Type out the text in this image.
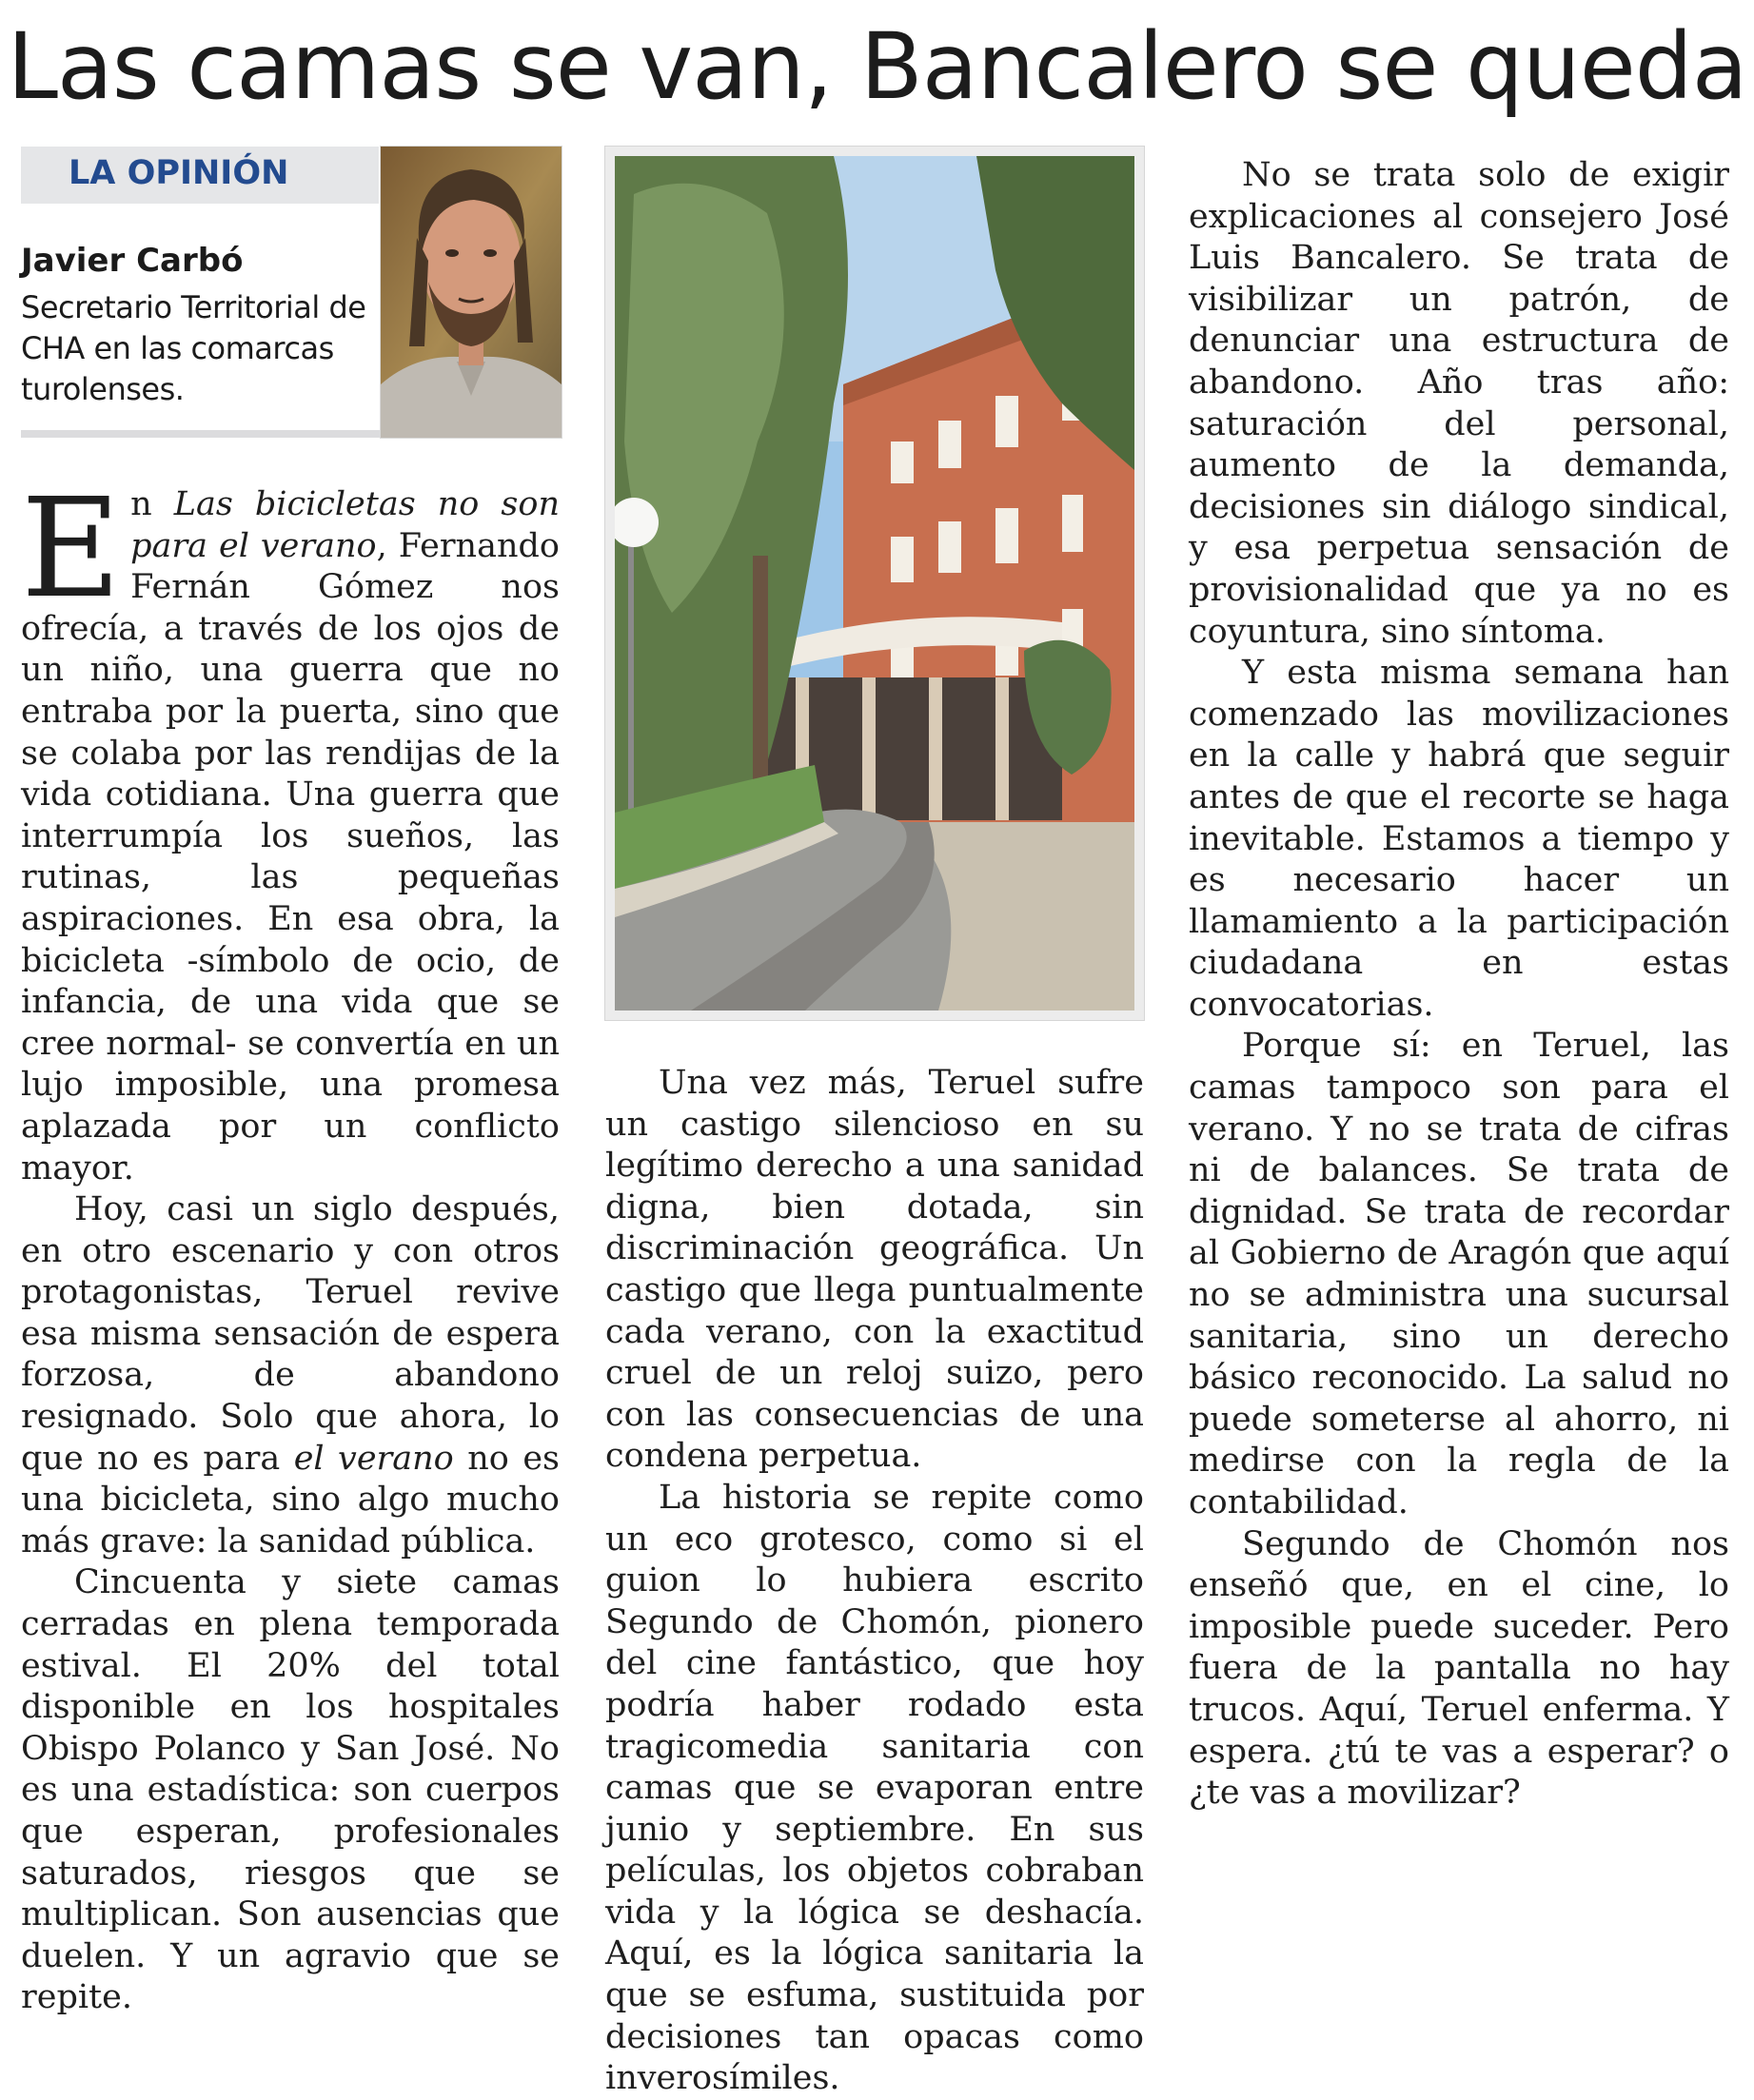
Las camas se van, Bancalero se queda
LA OPINIÓN
Javier Carbó
Secretario Territorial de CHA en las comarcas turolenses.

En Las bicicletas no son para el verano, Fernando Fernán Gómez nos ofrecía, a través de los ojos de un niño, una guerra que no entraba por la puerta, sino que se colaba por las rendijas de la vida cotidiana. Una guerra que interrumpía los sueños, las rutinas, las pequeñas aspiraciones. En esa obra, la bicicleta -símbolo de ocio, de infancia, de una vida que se cree normal- se convertía en un lujo imposible, una promesa aplazada por un conflicto mayor.

Hoy, casi un siglo después, en otro escenario y con otros protagonistas, Teruel revive esa misma sensación de espera forzosa, de abandono resignado. Solo que ahora, lo que no es para el verano no es una bicicleta, sino algo mucho más grave: la sanidad pública.

Cincuenta y siete camas cerradas en plena temporada estival. El 20% del total disponible en los hospitales Obispo Polanco y San José. No es una estadística: son cuerpos que esperan, profesionales saturados, riesgos que se multiplican. Son ausencias que duelen. Y un agravio que se repite.

Una vez más, Teruel sufre un castigo silencioso en su legítimo derecho a una sanidad digna, bien dotada, sin discriminación geográfica. Un castigo que llega puntualmente cada verano, con la exactitud cruel de un reloj suizo, pero con las consecuencias de una condena perpetua.

La historia se repite como un eco grotesco, como si el guion lo hubiera escrito Segundo de Chomón, pionero del cine fantástico, que hoy podría haber rodado esta tragicomedia sanitaria con camas que se evaporan entre junio y septiembre. En sus películas, los objetos cobraban vida y la lógica se deshacía. Aquí, es la lógica sanitaria la que se esfuma, sustituida por decisiones tan opacas como inverosímiles.

No se trata solo de exigir explicaciones al consejero José Luis Bancalero. Se trata de visibilizar un patrón, de denunciar una estructura de abandono. Año tras año: saturación del personal, aumento de la demanda, decisiones sin diálogo sindical, y esa perpetua sensación de provisionalidad que ya no es coyuntura, sino síntoma.

Y esta misma semana han comenzado las movilizaciones en la calle y habrá que seguir antes de que el recorte se haga inevitable. Estamos a tiempo y es necesario hacer un llamamiento a la participación ciudadana en estas convocatorias.

Porque sí: en Teruel, las camas tampoco son para el verano. Y no se trata de cifras ni de balances. Se trata de dignidad. Se trata de recordar al Gobierno de Aragón que aquí no se administra una sucursal sanitaria, sino un derecho básico reconocido. La salud no puede someterse al ahorro, ni medirse con la regla de la contabilidad.

Segundo de Chomón nos enseñó que, en el cine, lo imposible puede suceder. Pero fuera de la pantalla no hay trucos. Aquí, Teruel enferma. Y espera. ¿tú te vas a esperar? o ¿te vas a movilizar?
